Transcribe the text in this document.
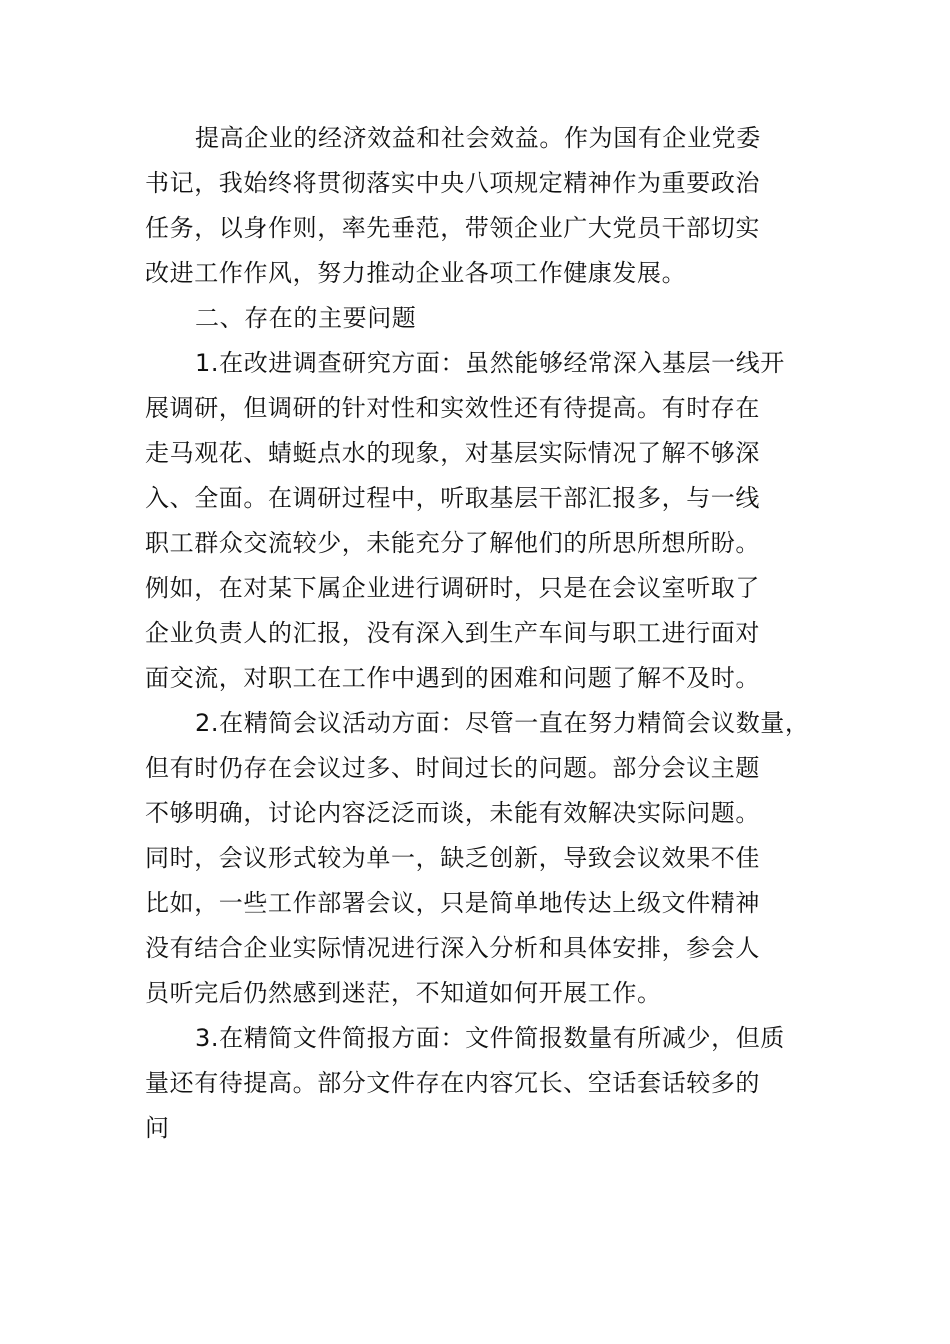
提高企业的经济效益和社会效益。作为国有企业党委
书记，我始终将贯彻落实中央八项规定精神作为重要政治
任务，以身作则，率先垂范，带领企业广大党员干部切实
改进工作作风，努力推动企业各项工作健康发展。
二、存在的主要问题
1.在改进调查研究方面：虽然能够经常深入基层一线开
展调研，但调研的针对性和实效性还有待提高。有时存在
走马观花、蜻蜓点水的现象，对基层实际情况了解不够深
入、全面。在调研过程中，听取基层干部汇报多，与一线
职工群众交流较少，未能充分了解他们的所思所想所盼。
例如，在对某下属企业进行调研时，只是在会议室听取了
企业负责人的汇报，没有深入到生产车间与职工进行面对
面交流，对职工在工作中遇到的困难和问题了解不及时。
2.在精简会议活动方面：尽管一直在努力精简会议数量，
但有时仍存在会议过多、时间过长的问题。部分会议主题
不够明确，讨论内容泛泛而谈，未能有效解决实际问题。
同时，会议形式较为单一，缺乏创新，导致会议效果不佳
比如，一些工作部署会议，只是简单地传达上级文件精神
没有结合企业实际情况进行深入分析和具体安排，参会人
员听完后仍然感到迷茫，不知道如何开展工作。
3.在精简文件简报方面：文件简报数量有所减少，但质
量还有待提高。部分文件存在内容冗长、空话套话较多的
问
